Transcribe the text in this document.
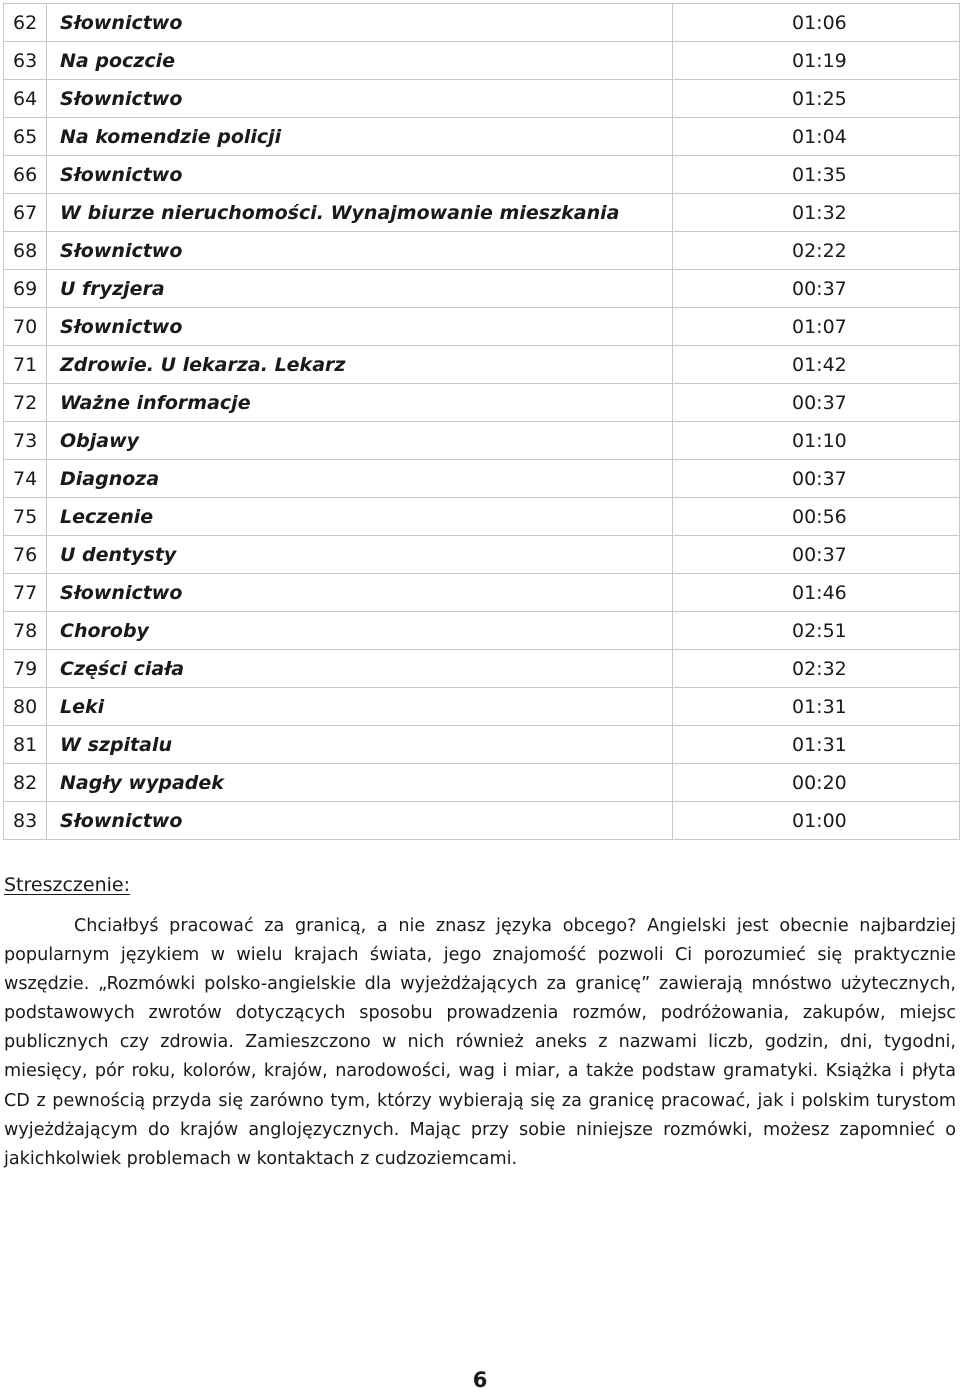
62	Słownictwo	01:06
63	Na poczcie	01:19
64	Słownictwo	01:25
65	Na komendzie policji	01:04
66	Słownictwo	01:35
67	W biurze nieruchomości. Wynajmowanie mieszkania	01:32
68	Słownictwo	02:22
69	U fryzjera	00:37
70	Słownictwo	01:07
71	Zdrowie. U lekarza. Lekarz	01:42
72	Ważne informacje	00:37
73	Objawy	01:10
74	Diagnoza	00:37
75	Leczenie	00:56
76	U dentysty	00:37
77	Słownictwo	01:46
78	Choroby	02:51
79	Części ciała	02:32
80	Leki	01:31
81	W szpitalu	01:31
82	Nagły wypadek	00:20
83	Słownictwo	01:00
Streszczenie:

Chciałbyś pracować za granicą, a nie znasz języka obcego? Angielski jest obecnie najbardziej popularnym językiem w wielu krajach świata, jego znajomość pozwoli Ci porozumieć się praktycznie wszędzie. „Rozmówki polsko-angielskie dla wyjeżdżających za granicę” zawierają mnóstwo użytecznych, podstawowych zwrotów dotyczących sposobu prowadzenia rozmów, podróżowania, zakupów, miejsc publicznych czy zdrowia. Zamieszczono w nich również aneks z nazwami liczb, godzin, dni, tygodni, miesięcy, pór roku, kolorów, krajów, narodowości, wag i miar, a także podstaw gramatyki. Książka i płyta CD z pewnością przyda się zarówno tym, którzy wybierają się za granicę pracować, jak i polskim turystom wyjeżdżającym do krajów anglojęzycznych. Mając przy sobie niniejsze rozmówki, możesz zapomnieć o jakichkolwiek problemach w kontaktach z cudzoziemcami.

6
